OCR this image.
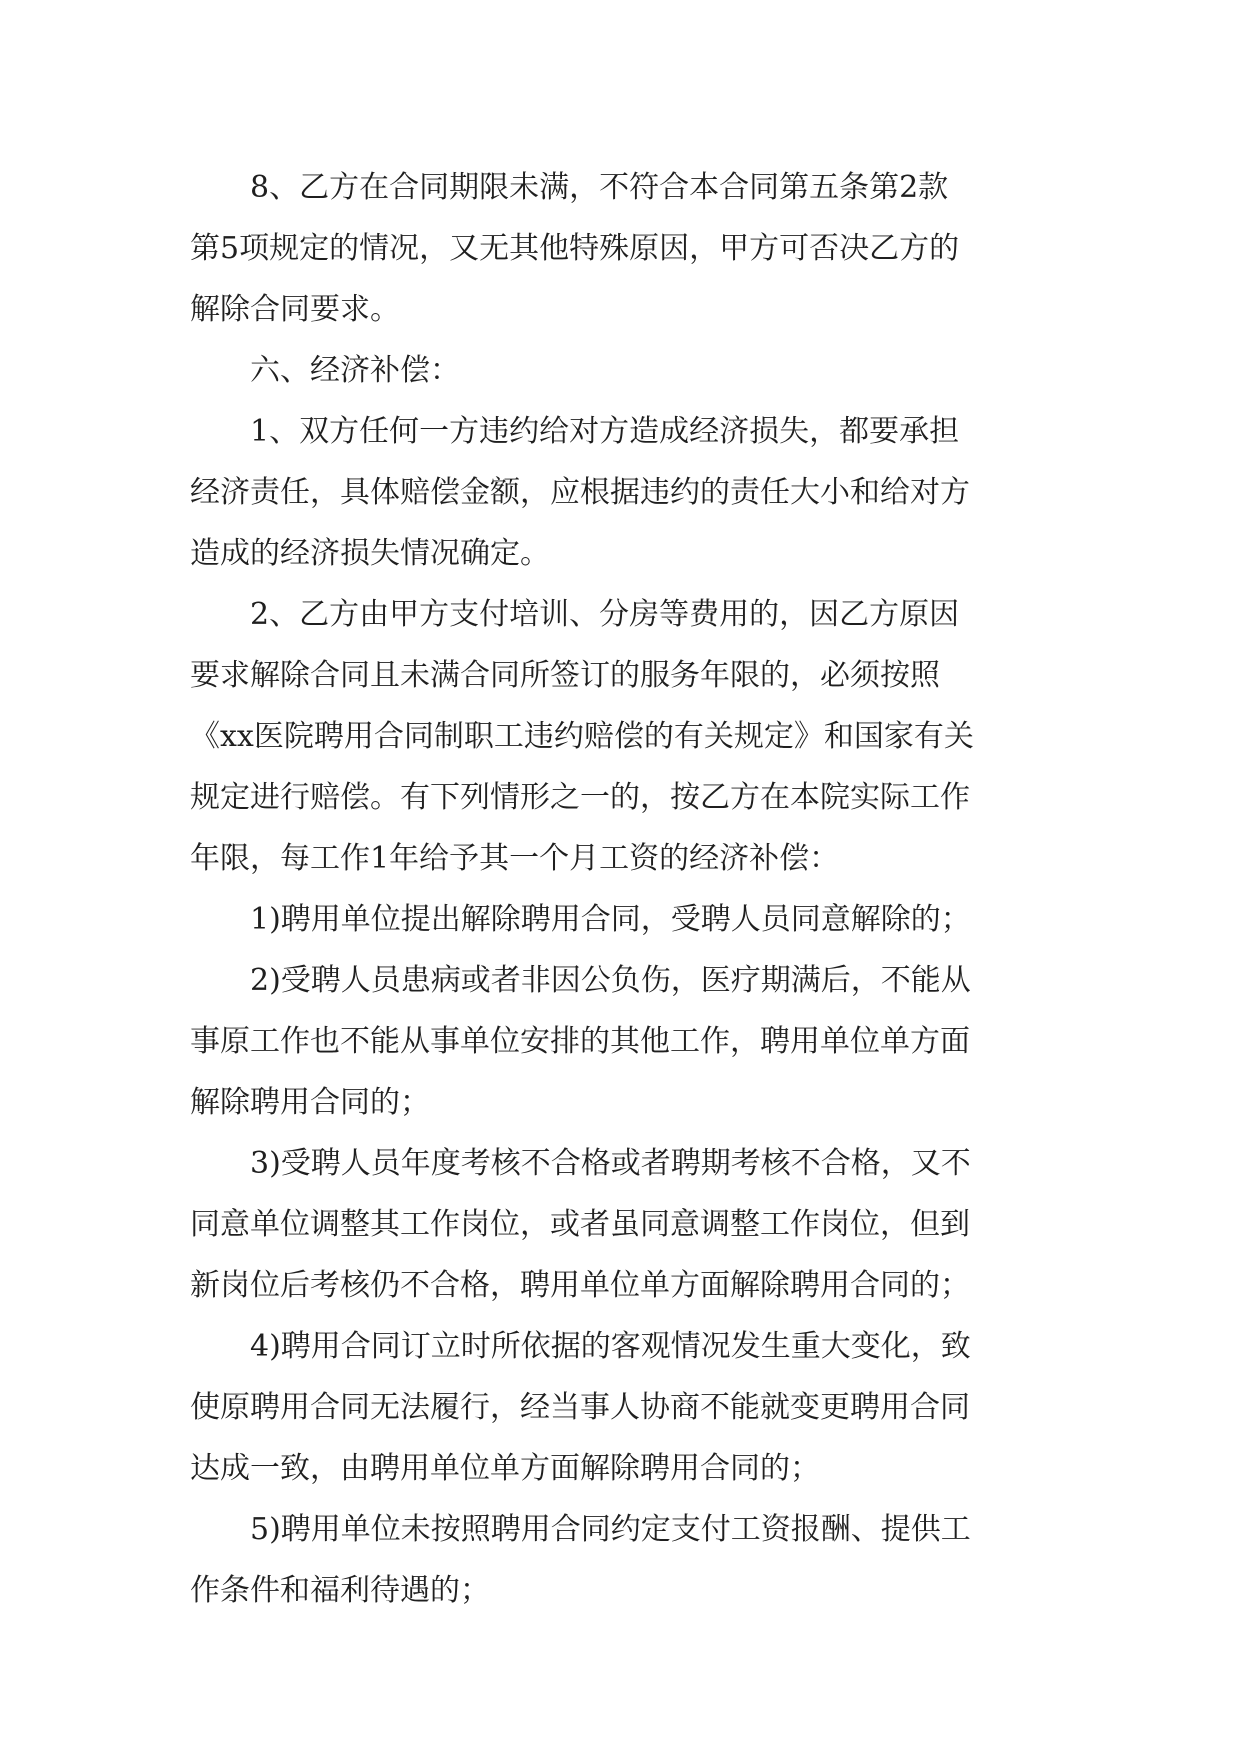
8、乙方在合同期限未满，不符合本合同第五条第2款
第5项规定的情况，又无其他特殊原因，甲方可否决乙方的
解除合同要求。
六、经济补偿：
1、双方任何一方违约给对方造成经济损失，都要承担
经济责任，具体赔偿金额，应根据违约的责任大小和给对方
造成的经济损失情况确定。
2、乙方由甲方支付培训、分房等费用的，因乙方原因
要求解除合同且未满合同所签订的服务年限的，必须按照
《xx医院聘用合同制职工违约赔偿的有关规定》和国家有关
规定进行赔偿。有下列情形之一的，按乙方在本院实际工作
年限，每工作1年给予其一个月工资的经济补偿：
1)聘用单位提出解除聘用合同，受聘人员同意解除的；
2)受聘人员患病或者非因公负伤，医疗期满后，不能从
事原工作也不能从事单位安排的其他工作，聘用单位单方面
解除聘用合同的；
3)受聘人员年度考核不合格或者聘期考核不合格，又不
同意单位调整其工作岗位，或者虽同意调整工作岗位，但到
新岗位后考核仍不合格，聘用单位单方面解除聘用合同的；
4)聘用合同订立时所依据的客观情况发生重大变化，致
使原聘用合同无法履行，经当事人协商不能就变更聘用合同
达成一致，由聘用单位单方面解除聘用合同的；
5)聘用单位未按照聘用合同约定支付工资报酬、提供工
作条件和福利待遇的；
